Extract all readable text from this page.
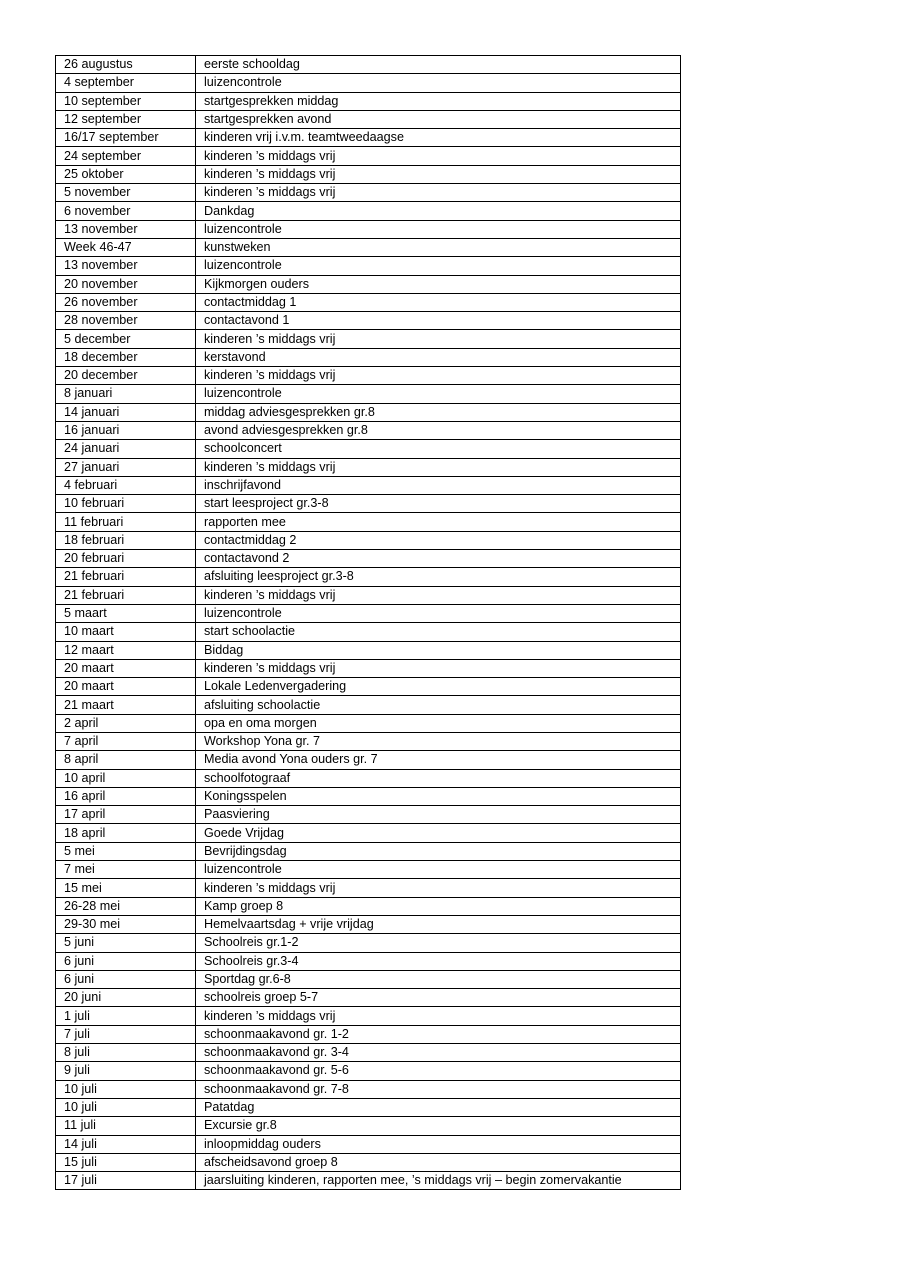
26 augustus	eerste schooldag
4 september	luizencontrole
10 september	startgesprekken middag
12 september	startgesprekken avond
16/17 september	kinderen vrij i.v.m. teamtweedaagse
24 september	kinderen ’s middags vrij
25 oktober	kinderen ’s middags vrij
5 november	kinderen ’s middags vrij
6 november	Dankdag
13 november	luizencontrole
Week 46-47	kunstweken
13 november	luizencontrole
20 november	Kijkmorgen ouders
26 november	contactmiddag 1
28 november	contactavond 1
5 december	kinderen ’s middags vrij
18 december	kerstavond
20 december	kinderen ’s middags vrij
8 januari	luizencontrole
14 januari	middag adviesgesprekken gr.8
16 januari	avond adviesgesprekken gr.8
24 januari	schoolconcert
27 januari	kinderen ’s middags vrij
4 februari	inschrijfavond
10 februari	start leesproject gr.3-8
11 februari	rapporten mee
18 februari	contactmiddag 2
20 februari	contactavond 2
21 februari	afsluiting leesproject gr.3-8
21 februari	kinderen ’s middags vrij
5 maart	luizencontrole
10 maart	start schoolactie
12 maart	Biddag
20 maart	kinderen ’s middags vrij
20 maart	Lokale Ledenvergadering
21 maart	afsluiting schoolactie
2 april	opa en oma morgen
7 april	Workshop Yona gr. 7
8 april	Media avond Yona ouders gr. 7
10 april	schoolfotograaf
16 april	Koningsspelen
17 april	Paasviering
18 april	Goede Vrijdag
5 mei	Bevrijdingsdag
7 mei	luizencontrole
15 mei	kinderen ’s middags vrij
26-28 mei	Kamp groep 8
29-30 mei	Hemelvaartsdag + vrije vrijdag
5 juni	Schoolreis gr.1-2
6 juni	Schoolreis gr.3-4
6 juni	Sportdag gr.6-8
20 juni	schoolreis groep 5-7
1 juli	kinderen ’s middags vrij
7 juli	schoonmaakavond gr. 1-2
8 juli	schoonmaakavond gr. 3-4
9 juli	schoonmaakavond gr. 5-6
10 juli	schoonmaakavond gr. 7-8
10 juli	Patatdag
11 juli	Excursie gr.8
14 juli	inloopmiddag ouders
15 juli	afscheidsavond groep 8
17 juli	jaarsluiting kinderen, rapporten mee, ’s middags vrij – begin zomervakantie
